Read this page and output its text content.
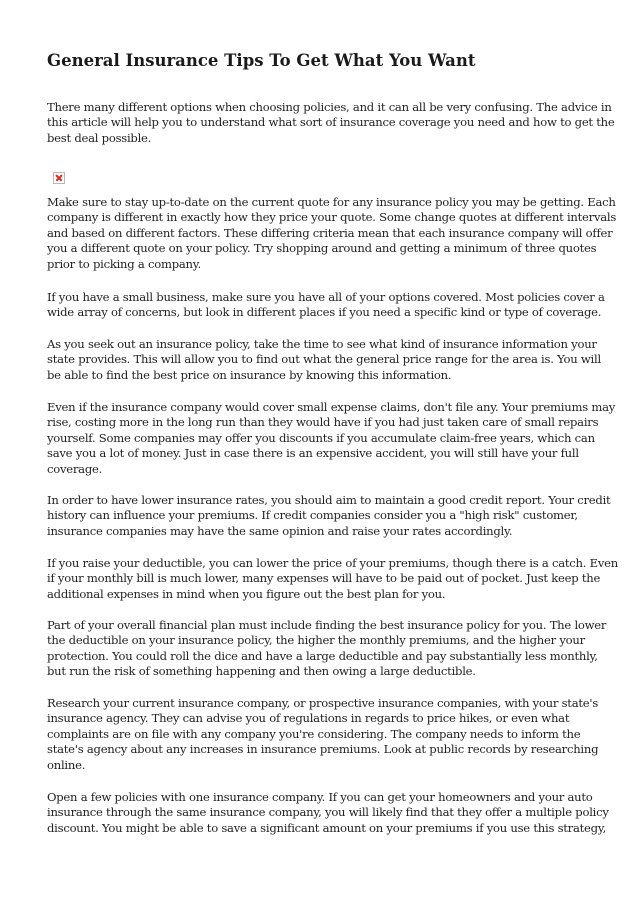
General Insurance Tips To Get What You Want

There many different options when choosing policies, and it can all be very confusing. The advice in
this article will help you to understand what sort of insurance coverage you need and how to get the
best deal possible.

Make sure to stay up-to-date on the current quote for any insurance policy you may be getting. Each
company is different in exactly how they price your quote. Some change quotes at different intervals
and based on different factors. These differing criteria mean that each insurance company will offer
you a different quote on your policy. Try shopping around and getting a minimum of three quotes
prior to picking a company.

If you have a small business, make sure you have all of your options covered. Most policies cover a
wide array of concerns, but look in different places if you need a specific kind or type of coverage.

As you seek out an insurance policy, take the time to see what kind of insurance information your
state provides. This will allow you to find out what the general price range for the area is. You will
be able to find the best price on insurance by knowing this information.

Even if the insurance company would cover small expense claims, don't file any. Your premiums may
rise, costing more in the long run than they would have if you had just taken care of small repairs
yourself. Some companies may offer you discounts if you accumulate claim-free years, which can
save you a lot of money. Just in case there is an expensive accident, you will still have your full
coverage.

In order to have lower insurance rates, you should aim to maintain a good credit report. Your credit
history can influence your premiums. If credit companies consider you a "high risk" customer,
insurance companies may have the same opinion and raise your rates accordingly.

If you raise your deductible, you can lower the price of your premiums, though there is a catch. Even
if your monthly bill is much lower, many expenses will have to be paid out of pocket. Just keep the
additional expenses in mind when you figure out the best plan for you.

Part of your overall financial plan must include finding the best insurance policy for you. The lower
the deductible on your insurance policy, the higher the monthly premiums, and the higher your
protection. You could roll the dice and have a large deductible and pay substantially less monthly,
but run the risk of something happening and then owing a large deductible.

Research your current insurance company, or prospective insurance companies, with your state's
insurance agency. They can advise you of regulations in regards to price hikes, or even what
complaints are on file with any company you're considering. The company needs to inform the
state's agency about any increases in insurance premiums. Look at public records by researching
online.

Open a few policies with one insurance company. If you can get your homeowners and your auto
insurance through the same insurance company, you will likely find that they offer a multiple policy
discount. You might be able to save a significant amount on your premiums if you use this strategy,
